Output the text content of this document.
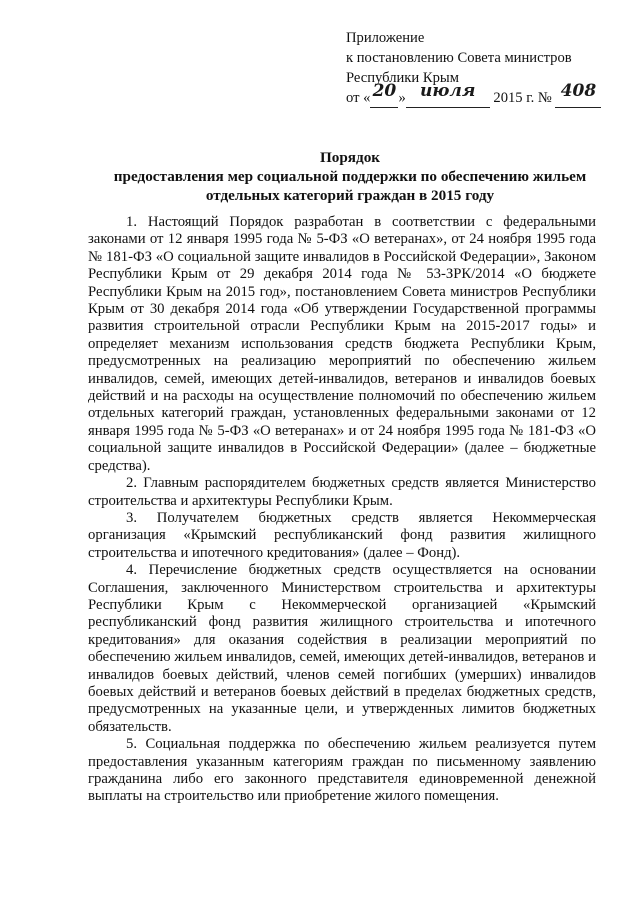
Приложение
к постановлению Совета министров
Республики Крым
от « 20 » июля 2015 г. № 408
Порядок
предоставления мер социальной поддержки по обеспечению жильем
отдельных категорий граждан в 2015 году

1. Настоящий Порядок разработан в соответствии с федеральными законами от 12 января 1995 года № 5-ФЗ «О ветеранах», от 24 ноября 1995 года № 181-ФЗ «О социальной защите инвалидов в Российской Федерации», Законом Республики Крым от 29 декабря 2014 года № 53-ЗРК/2014 «О бюджете Республики Крым на 2015 год», постановлением Совета министров Республики Крым от 30 декабря 2014 года «Об утверждении Государственной программы развития строительной отрасли Республики Крым на 2015-2017 годы» и определяет механизм использования средств бюджета Республики Крым, предусмотренных на реализацию мероприятий по обеспечению жильем инвалидов, семей, имеющих детей-инвалидов, ветеранов и инвалидов боевых действий и на расходы на осуществление полномочий по обеспечению жильем отдельных категорий граждан, установленных федеральными законами от 12 января 1995 года № 5-ФЗ «О ветеранах» и от 24 ноября 1995 года № 181-ФЗ «О социальной защите инвалидов в Российской Федерации» (далее – бюджетные средства).

2. Главным распорядителем бюджетных средств является Министерство строительства и архитектуры Республики Крым.

3. Получателем бюджетных средств является Некоммерческая организация «Крымский республиканский фонд развития жилищного строительства и ипотечного кредитования» (далее – Фонд).

4. Перечисление бюджетных средств осуществляется на основании Соглашения, заключенного Министерством строительства и архитектуры Республики Крым с Некоммерческой организацией «Крымский республиканский фонд развития жилищного строительства и ипотечного кредитования» для оказания содействия в реализации мероприятий по обеспечению жильем инвалидов, семей, имеющих детей-инвалидов, ветеранов и инвалидов боевых действий, членов семей погибших (умерших) инвалидов боевых действий и ветеранов боевых действий в пределах бюджетных средств, предусмотренных на указанные цели, и утвержденных лимитов бюджетных обязательств.

5. Социальная поддержка по обеспечению жильем реализуется путем предоставления указанным категориям граждан по письменному заявлению гражданина либо его законного представителя единовременной денежной выплаты на строительство или приобретение жилого помещения.
